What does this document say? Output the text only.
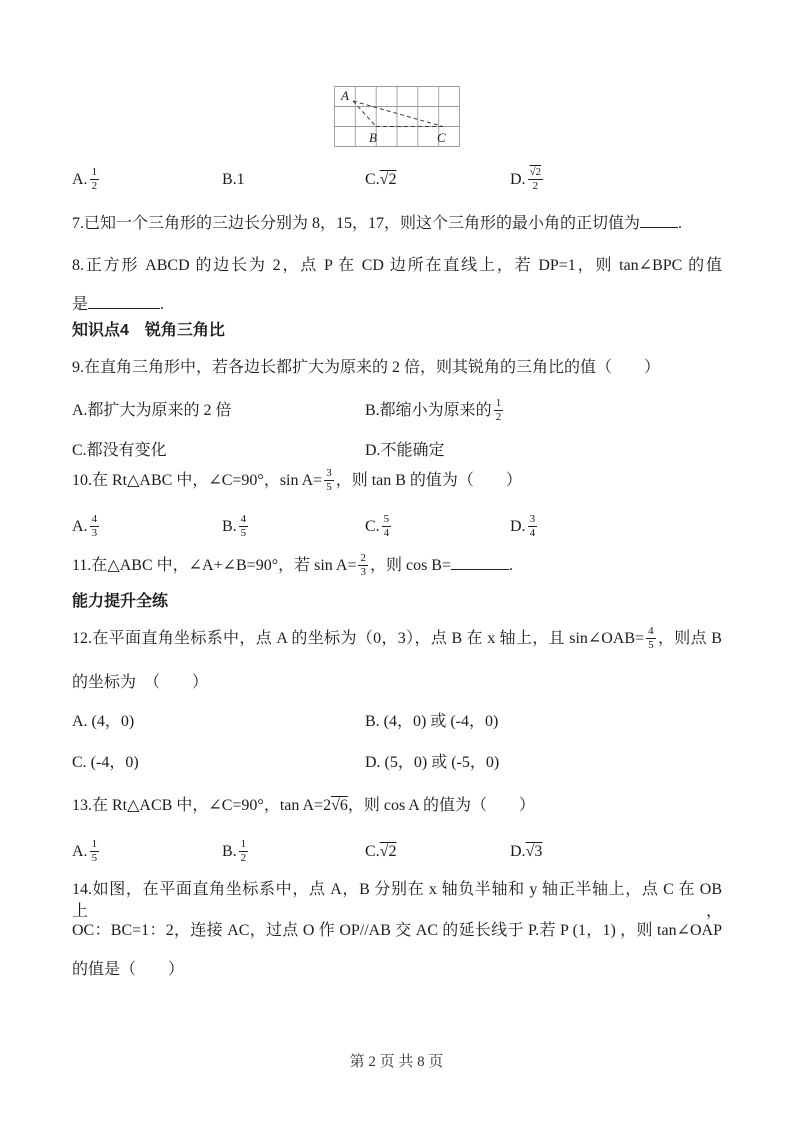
A
B	C
A. $\frac{1}{2}$	B.1	C.√2	D. $\frac{√2}{2}$
7.已知一个三角形的三边长分别为 8，15，17，则这个三角形的最小角的正切值为 .
8.正方形 ABCD 的边长为 2，点 P 在 CD 边所在直线上，若 DP=1，则 tan∠BPC 的值
是	.
知识点4　锐角三角比
9.在直角三角形中，若各边长都扩大为原来的 2 倍，则其锐角的三角比的值（　　）
A.都扩大为原来的 2 倍	B.都缩小为原来的 $\frac{1}{2}$
C.都没有变化	D.不能确定
10.在 Rt△ABC 中，∠C=90°，$\sin A= \frac{3}{5}$ ，则 tan B 的值为（　　）
A. $\frac{4}{3}$	B. $\frac{4}{5}$	C. $\frac{5}{4}$	D. $\frac{3}{4}$
11.在△ABC 中，∠A+∠B=90°，若 $\sin A= \frac{2}{3}$ ，则 cos B=	.
能力提升全练
12.在平面直角坐标系中，点 A 的坐标为（0，3），点 B 在 x 轴上，且 sin∠OAB= $\frac{4}{5}$ ，则点 B
的坐标为　（　　）
A. (4，0)	B. (4，0) 或 (-4，0)
C. (-4，0)	D. (5，0) 或 (-5，0)
13.在 Rt△ACB 中，∠C=90°，tan A=2√6，则 cos A 的值为（　　）
A. $\frac{1}{5}$	B. $\frac{1}{2}$	C.√2	D.√3
14.如图，在平面直角坐标系中，点 A，B 分别在 x 轴负半轴和 y 轴正半轴上，点 C 在 OB 上，
OC：BC=1：2，连接 AC，过点 O 作 OP//AB 交 AC 的延长线于 P.若 P (1，1) ，则 tan∠OAP
的值是（　　）
第 2 页 共 8 页
